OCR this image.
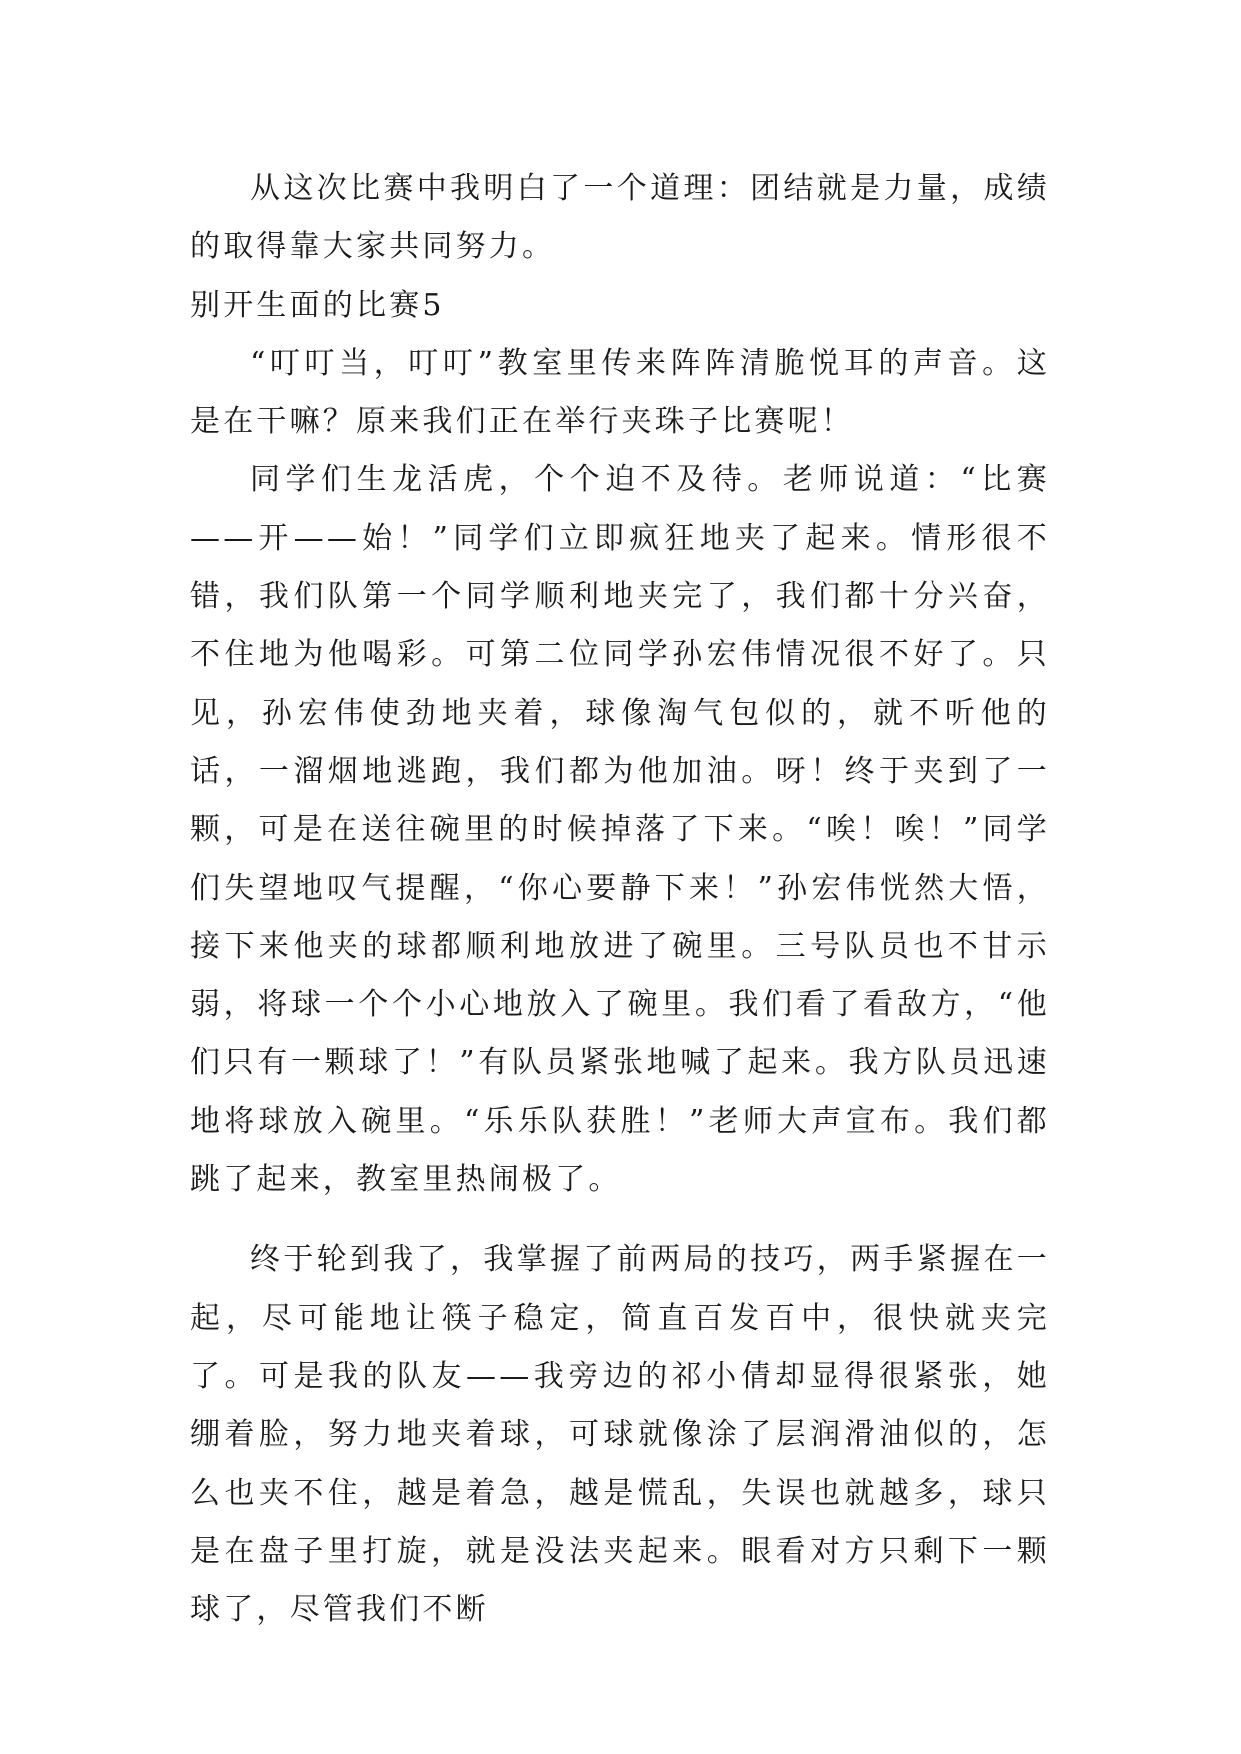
从这次比赛中我明白了一个道理：团结就是力量，成绩的取得靠大家共同努力。

别开生面的比赛5

“叮叮当，叮叮”教室里传来阵阵清脆悦耳的声音。这是在干嘛？原来我们正在举行夹珠子比赛呢！

同学们生龙活虎，个个迫不及待。老师说道：“比赛——开——始！”同学们立即疯狂地夹了起来。情形很不错，我们队第一个同学顺利地夹完了，我们都十分兴奋，不住地为他喝彩。可第二位同学孙宏伟情况很不好了。只见，孙宏伟使劲地夹着，球像淘气包似的，就不听他的话，一溜烟地逃跑，我们都为他加油。呀！终于夹到了一颗，可是在送往碗里的时候掉落了下来。“唉！唉！”同学们失望地叹气提醒，“你心要静下来！”孙宏伟恍然大悟，接下来他夹的球都顺利地放进了碗里。三号队员也不甘示弱，将球一个个小心地放入了碗里。我们看了看敌方，“他们只有一颗球了！”有队员紧张地喊了起来。我方队员迅速地将球放入碗里。“乐乐队获胜！”老师大声宣布。我们都跳了起来，教室里热闹极了。

终于轮到我了，我掌握了前两局的技巧，两手紧握在一起，尽可能地让筷子稳定，简直百发百中，很快就夹完了。可是我的队友——我旁边的祁小倩却显得很紧张，她绷着脸，努力地夹着球，可球就像涂了层润滑油似的，怎么也夹不住，越是着急，越是慌乱，失误也就越多，球只是在盘子里打旋，就是没法夹起来。眼看对方只剩下一颗球了，尽管我们不断
